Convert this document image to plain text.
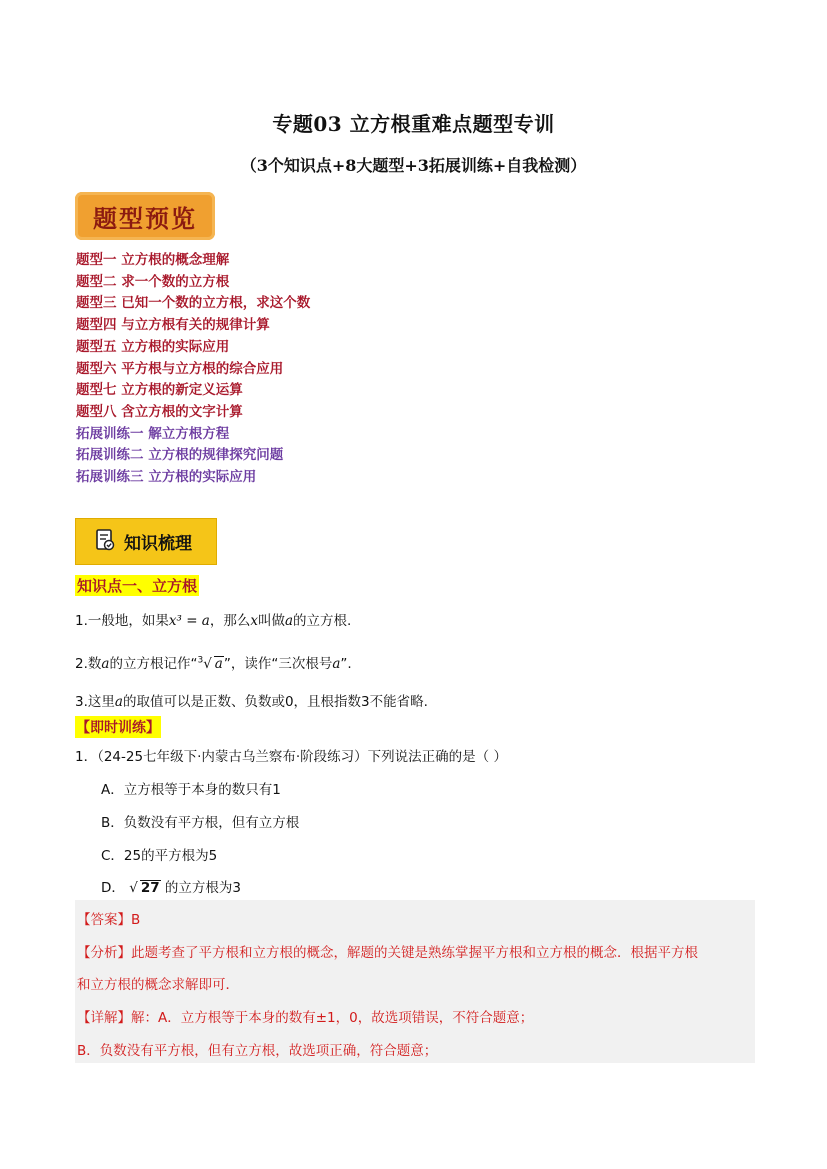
专题03 立方根重难点题型专训
（3个知识点+8大题型+3拓展训练+自我检测）
题型预览
题型一 立方根的概念理解
题型二 求一个数的立方根
题型三 已知一个数的立方根，求这个数
题型四 与立方根有关的规律计算
题型五 立方根的实际应用
题型六 平方根与立方根的综合应用
题型七 立方根的新定义运算
题型八 含立方根的文字计算
拓展训练一 解立方根方程
拓展训练二 立方根的规律探究问题
拓展训练三 立方根的实际应用
知识梳理
知识点一、立方根
1.一般地，如果x³ = a，那么x叫做a的立方根.
2.数a的立方根记作“$^3$√ a”，读作“三次根号a”.
3.这里a的取值可以是正数、负数或0，且根指数3不能省略.
【即时训练】
1．（24-25七年级下·内蒙古乌兰察布·阶段练习）下列说法正确的是（ ）
A．立方根等于本身的数只有1
B．负数没有平方根，但有立方根
C．25的平方根为5
D． √ 27 的立方根为3
【答案】B
【分析】此题考查了平方根和立方根的概念，解题的关键是熟练掌握平方根和立方根的概念．根据平方根
和立方根的概念求解即可．
【详解】解：A．立方根等于本身的数有±1，0，故选项错误，不符合题意；
B．负数没有平方根，但有立方根，故选项正确，符合题意；
